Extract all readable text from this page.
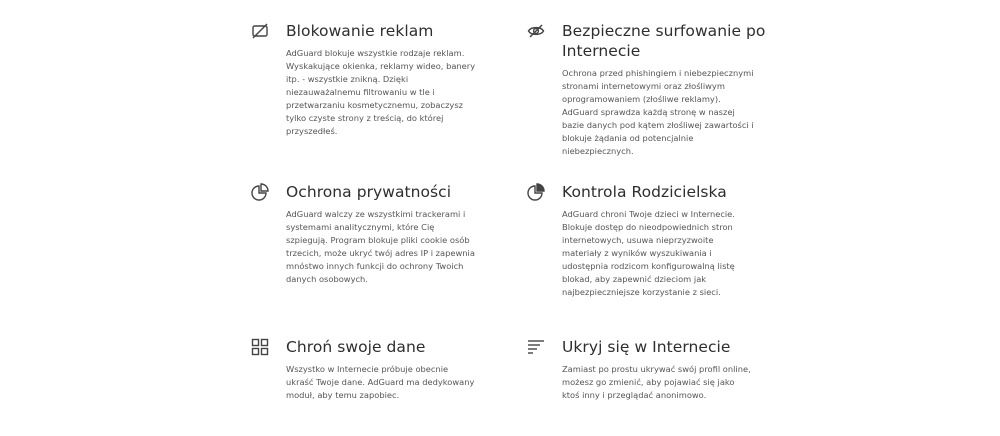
Blokowanie reklam

AdGuard blokuje wszystkie rodzaje reklam. Wyskakujące okienka, reklamy wideo, banery itp. - wszystkie znikną. Dzięki niezauważalnemu filtrowaniu w tle i przetwarzaniu kosmetycznemu, zobaczysz tylko czyste strony z treścią, do której przyszedłeś.

Bezpieczne surfowanie po Internecie

Ochrona przed phishingiem i niebezpiecznymi stronami internetowymi oraz złośliwym oprogramowaniem (złośliwe reklamy). AdGuard sprawdza każdą stronę w naszej bazie danych pod kątem złośliwej zawartości i blokuje żądania od potencjalnie niebezpiecznych.

Ochrona prywatności

AdGuard walczy ze wszystkimi trackerami i systemami analitycznymi, które Cię szpiegują. Program blokuje pliki cookie osób trzecich, może ukryć twój adres IP i zapewnia mnóstwo innych funkcji do ochrony Twoich danych osobowych.

Kontrola Rodzicielska

AdGuard chroni Twoje dzieci w Internecie. Blokuje dostęp do nieodpowiednich stron internetowych, usuwa nieprzyzwoite materiały z wyników wyszukiwania i udostępnia rodzicom konfigurowalną listę blokad, aby zapewnić dzieciom jak najbezpieczniejsze korzystanie z sieci.

Chroń swoje dane

Wszystko w Internecie próbuje obecnie ukraść Twoje dane. AdGuard ma dedykowany moduł, aby temu zapobiec.

Ukryj się w Internecie

Zamiast po prostu ukrywać swój profil online, możesz go zmienić, aby pojawiać się jako ktoś inny i przeglądać anonimowo.
